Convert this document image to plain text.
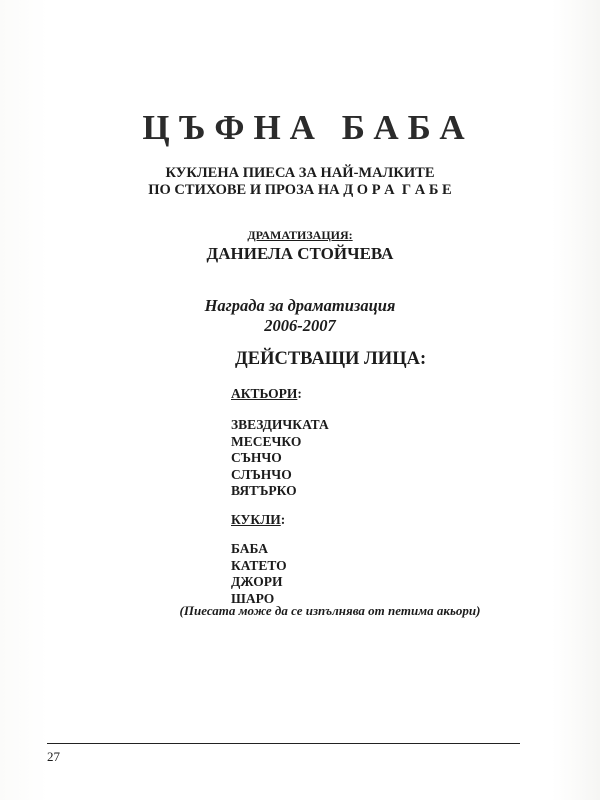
ЦЪФНА БАБА
КУКЛЕНА ПИЕСА ЗА НАЙ-МАЛКИТЕ
ПО СТИХОВЕ И ПРОЗА НА Д О Р А  Г А Б Е
ДРАМАТИЗАЦИЯ:
ДАНИЕЛА СТОЙЧЕВА
Награда за драматизация
2006-2007
ДЕЙСТВАЩИ ЛИЦА:
АКТЬОРИ:
ЗВЕЗДИЧКАТА
МЕСЕЧКО
СЪНЧО
СЛЪНЧО
ВЯТЪРКО
КУКЛИ:
БАБА
КАТЕТО
ДЖОРИ
ШАРО
(Пиесата може да се изпълнява от петима акьори)
27
